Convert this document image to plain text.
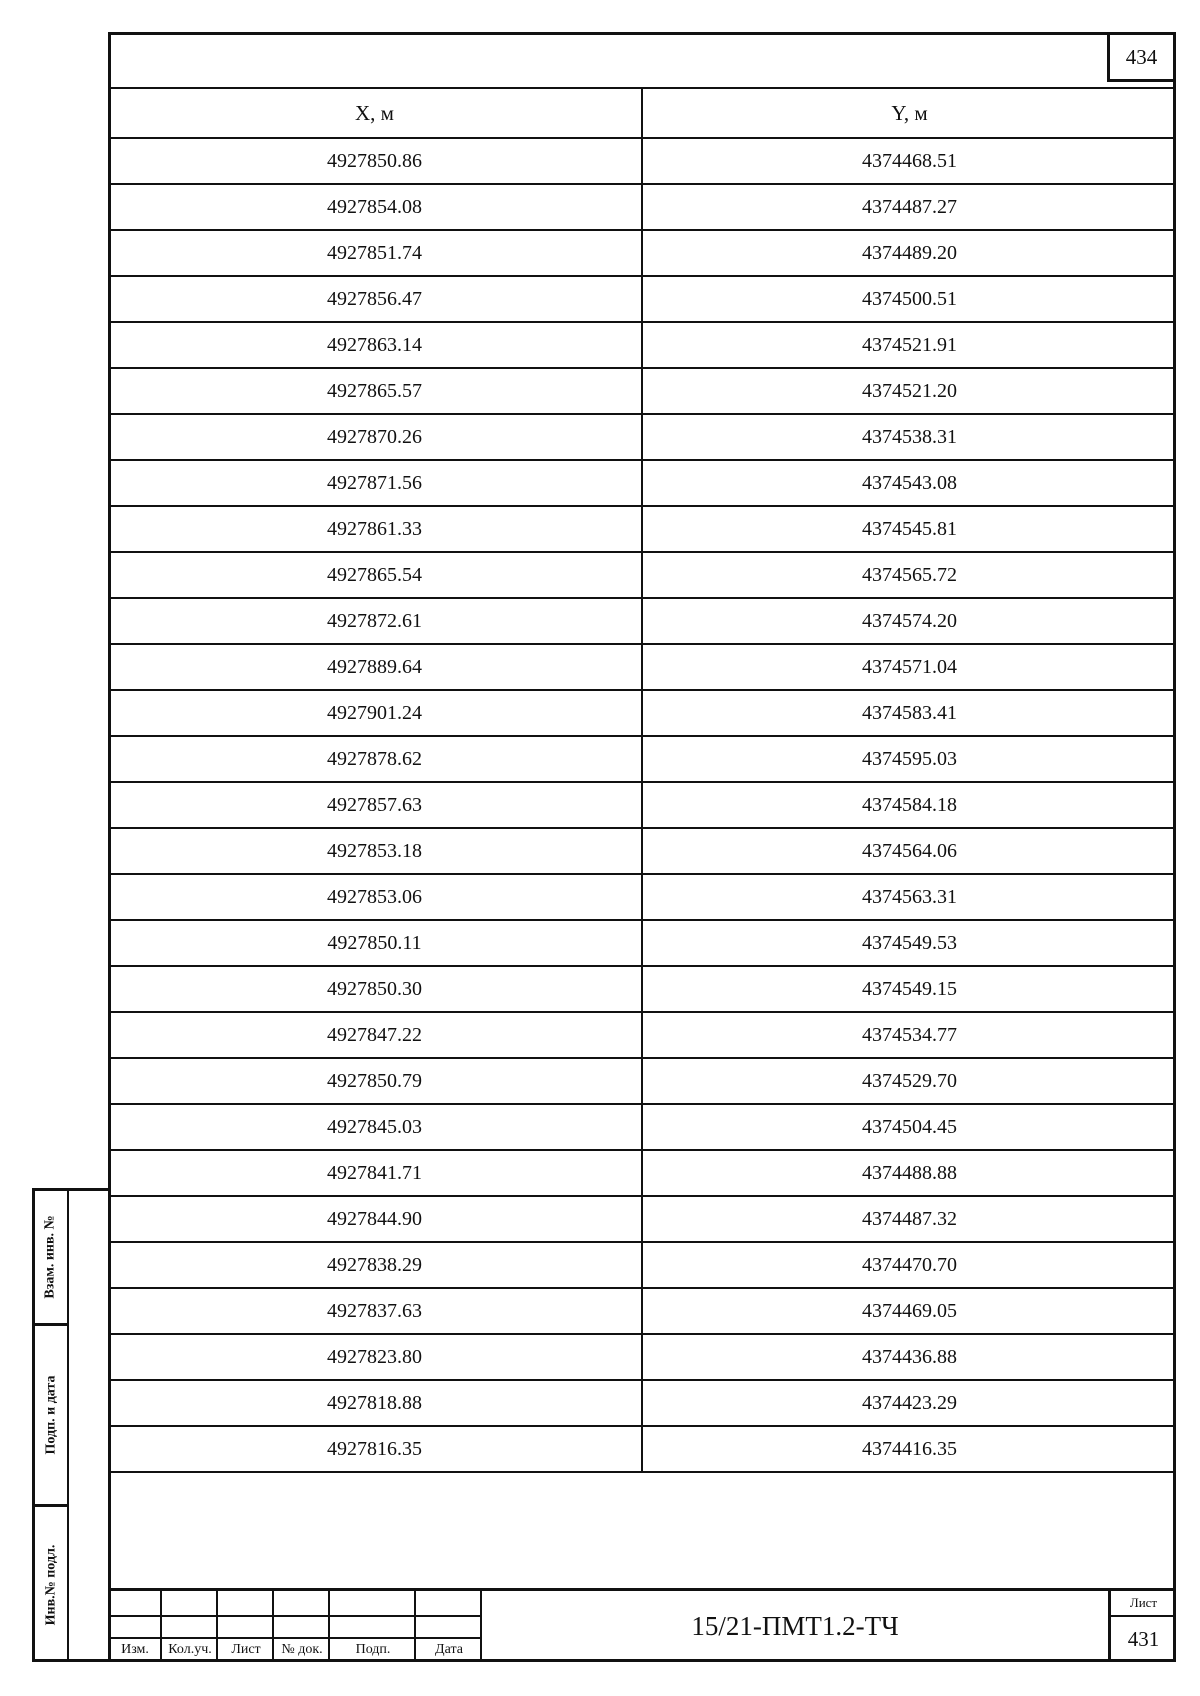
434
X, м	Y, м
4927850.86	4374468.51
4927854.08	4374487.27
4927851.74	4374489.20
4927856.47	4374500.51
4927863.14	4374521.91
4927865.57	4374521.20
4927870.26	4374538.31
4927871.56	4374543.08
4927861.33	4374545.81
4927865.54	4374565.72
4927872.61	4374574.20
4927889.64	4374571.04
4927901.24	4374583.41
4927878.62	4374595.03
4927857.63	4374584.18
4927853.18	4374564.06
4927853.06	4374563.31
4927850.11	4374549.53
4927850.30	4374549.15
4927847.22	4374534.77
4927850.79	4374529.70
4927845.03	4374504.45
4927841.71	4374488.88
4927844.90	4374487.32
4927838.29	4374470.70
4927837.63	4374469.05
4927823.80	4374436.88
4927818.88	4374423.29
4927816.35	4374416.35
Взам. инв. №
Подп. и дата
Инв.№ подл.
Изм.	Кол.уч.	Лист	№ док.	Подп.	Дата
15/21-ПМТ1.2-ТЧ
Лист
431
